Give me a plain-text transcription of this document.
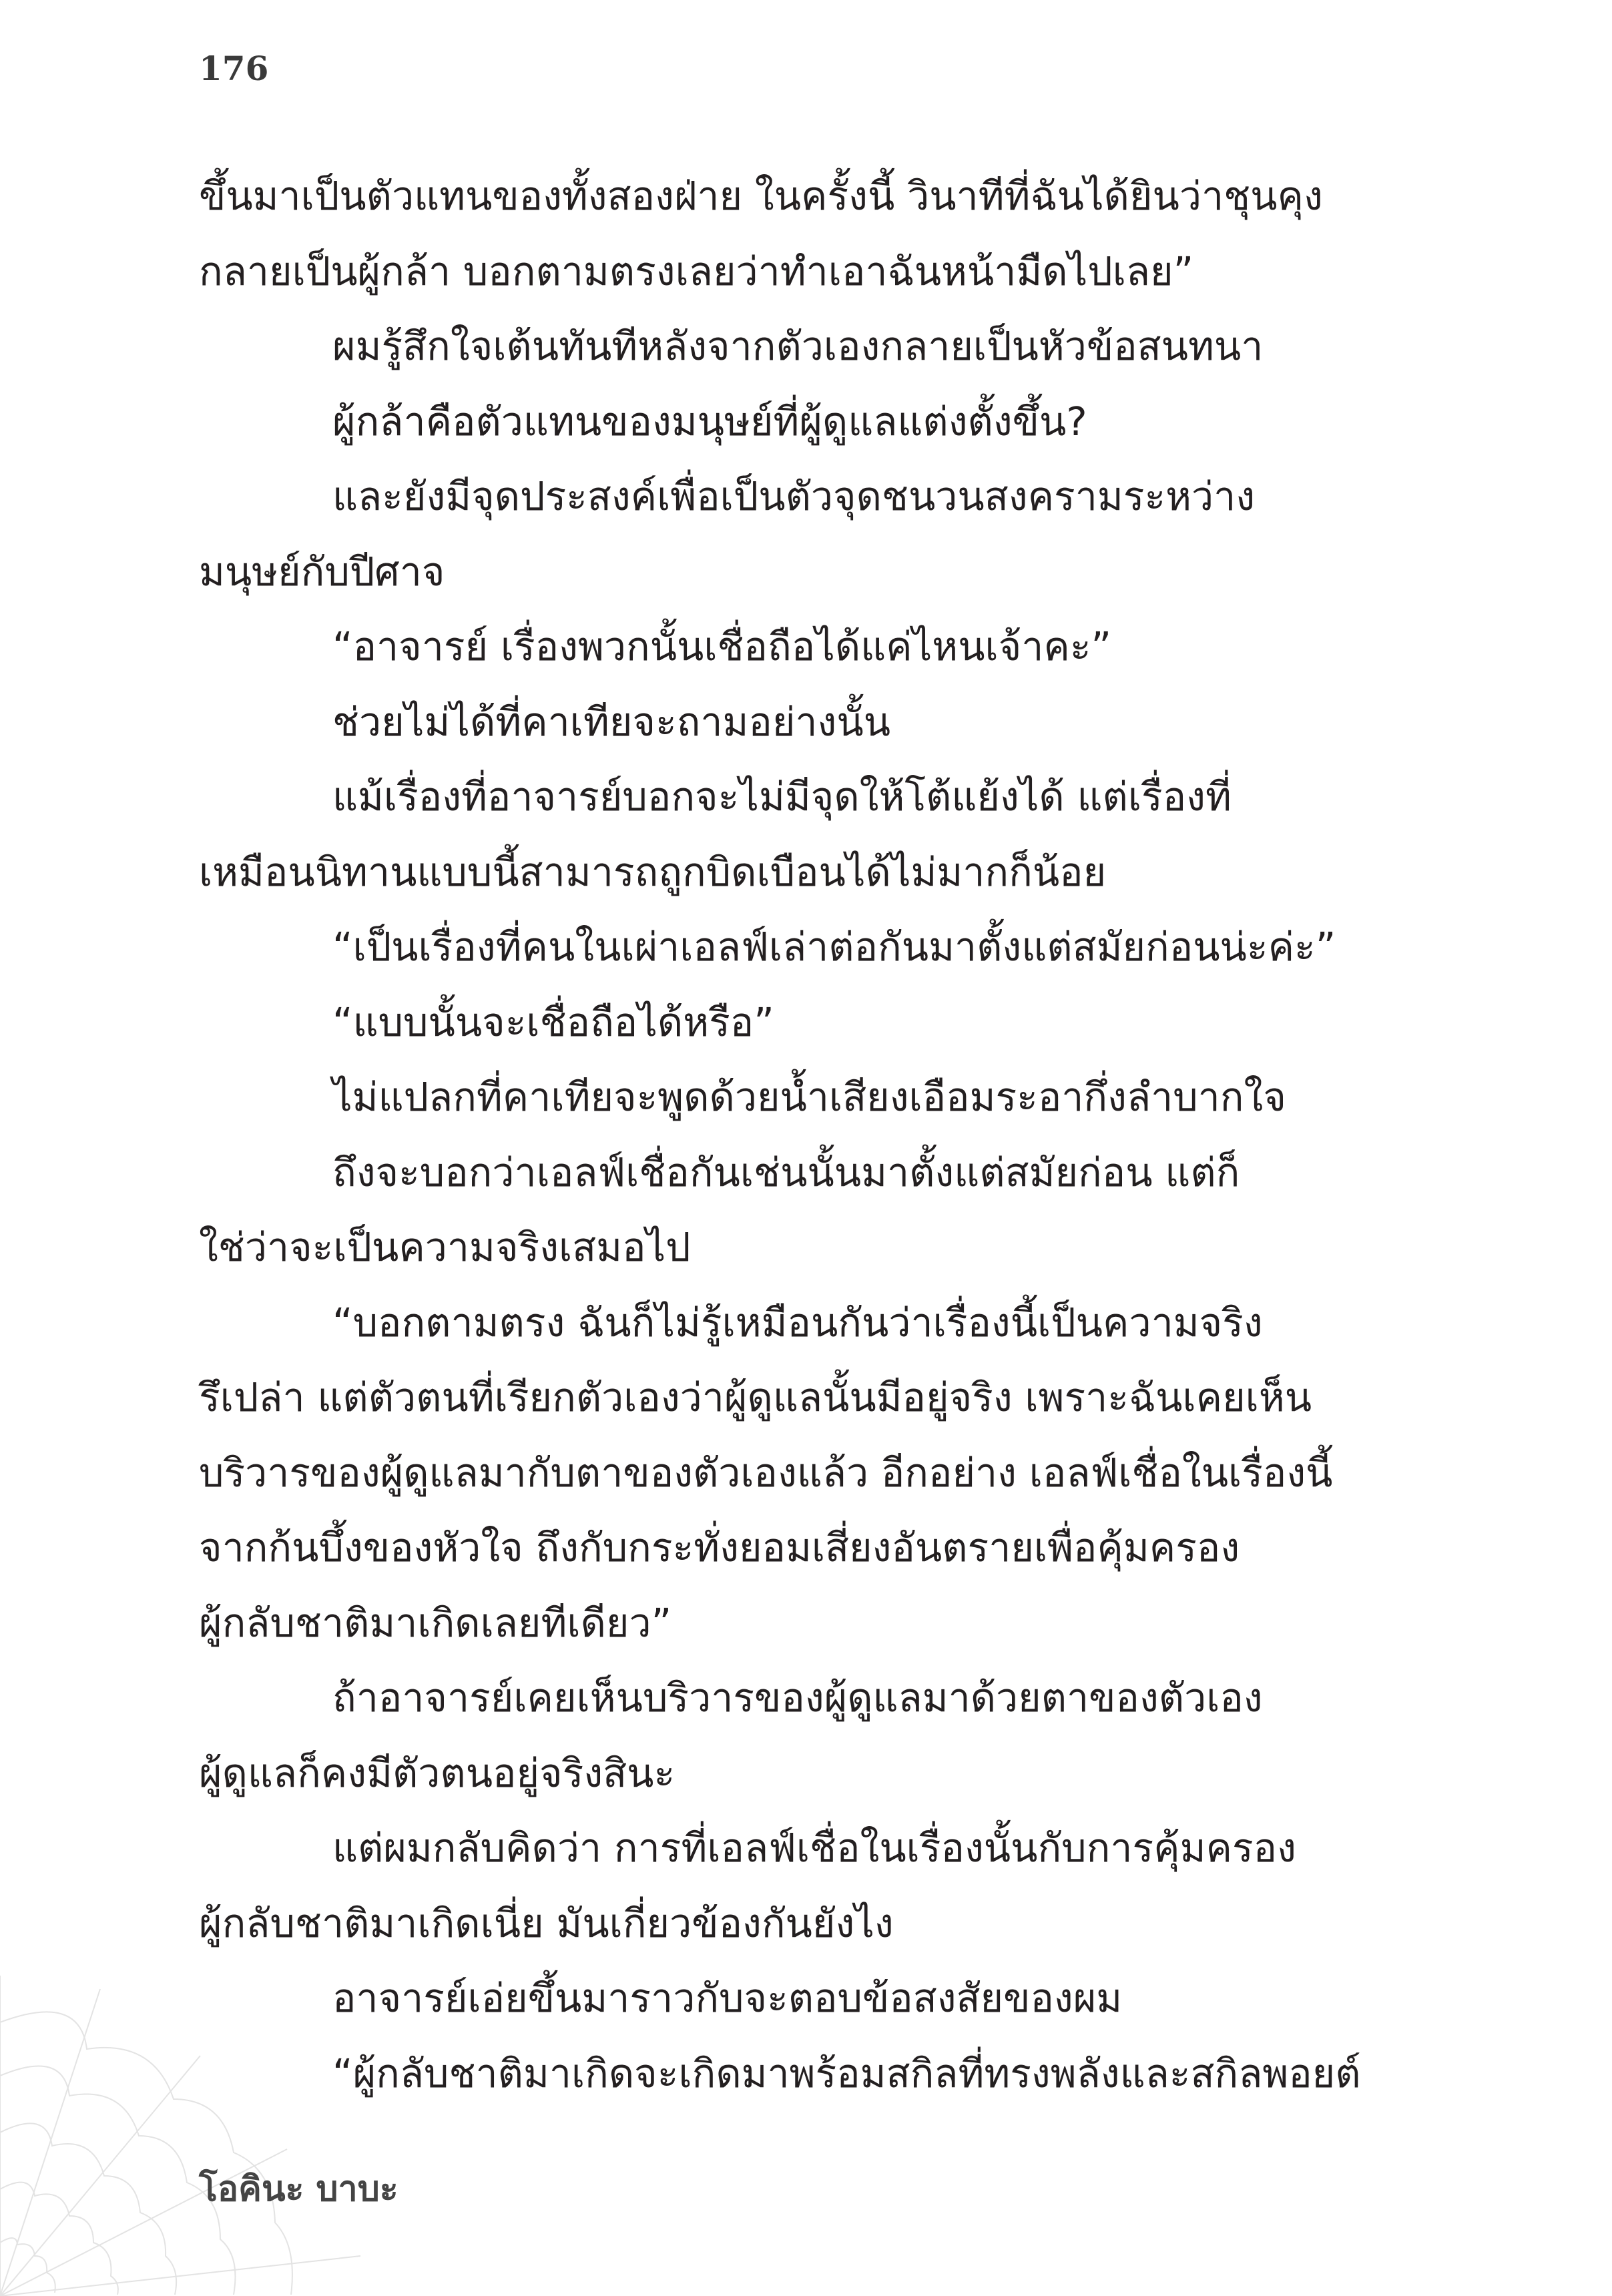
176
ขึ้นมาเป็นตัวแทนของทั้งสองฝ่าย ในครั้งนี้ วินาทีที่ฉันได้ยินว่าชุนคุง
กลายเป็นผู้กล้า บอกตามตรงเลยว่าทำเอาฉันหน้ามืดไปเลย”
ผมรู้สึกใจเต้นทันทีหลังจากตัวเองกลายเป็นหัวข้อสนทนา
ผู้กล้าคือตัวแทนของมนุษย์ที่ผู้ดูแลแต่งตั้งขึ้น?
และยังมีจุดประสงค์เพื่อเป็นตัวจุดชนวนสงครามระหว่าง
มนุษย์กับปีศาจ
“อาจารย์ เรื่องพวกนั้นเชื่อถือได้แค่ไหนเจ้าคะ”
ช่วยไม่ได้ที่คาเทียจะถามอย่างนั้น
แม้เรื่องที่อาจารย์บอกจะไม่มีจุดให้โต้แย้งได้ แต่เรื่องที่
เหมือนนิทานแบบนี้สามารถถูกบิดเบือนได้ไม่มากก็น้อย
“เป็นเรื่องที่คนในเผ่าเอลฟ์เล่าต่อกันมาตั้งแต่สมัยก่อนน่ะค่ะ”
“แบบนั้นจะเชื่อถือได้หรือ”
ไม่แปลกที่คาเทียจะพูดด้วยน้ำเสียงเอือมระอากึ่งลำบากใจ
ถึงจะบอกว่าเอลฟ์เชื่อกันเช่นนั้นมาตั้งแต่สมัยก่อน แต่ก็
ใช่ว่าจะเป็นความจริงเสมอไป
“บอกตามตรง ฉันก็ไม่รู้เหมือนกันว่าเรื่องนี้เป็นความจริง
รึเปล่า แต่ตัวตนที่เรียกตัวเองว่าผู้ดูแลนั้นมีอยู่จริง เพราะฉันเคยเห็น
บริวารของผู้ดูแลมากับตาของตัวเองแล้ว อีกอย่าง เอลฟ์เชื่อในเรื่องนี้
จากก้นบึ้งของหัวใจ ถึงกับกระทั่งยอมเสี่ยงอันตรายเพื่อคุ้มครอง
ผู้กลับชาติมาเกิดเลยทีเดียว”
ถ้าอาจารย์เคยเห็นบริวารของผู้ดูแลมาด้วยตาของตัวเอง
ผู้ดูแลก็คงมีตัวตนอยู่จริงสินะ
แต่ผมกลับคิดว่า การที่เอลฟ์เชื่อในเรื่องนั้นกับการคุ้มครอง
ผู้กลับชาติมาเกิดเนี่ย มันเกี่ยวข้องกันยังไง
อาจารย์เอ่ยขึ้นมาราวกับจะตอบข้อสงสัยของผม
“ผู้กลับชาติมาเกิดจะเกิดมาพร้อมสกิลที่ทรงพลังและสกิลพอยต์
โอคินะ บาบะ
